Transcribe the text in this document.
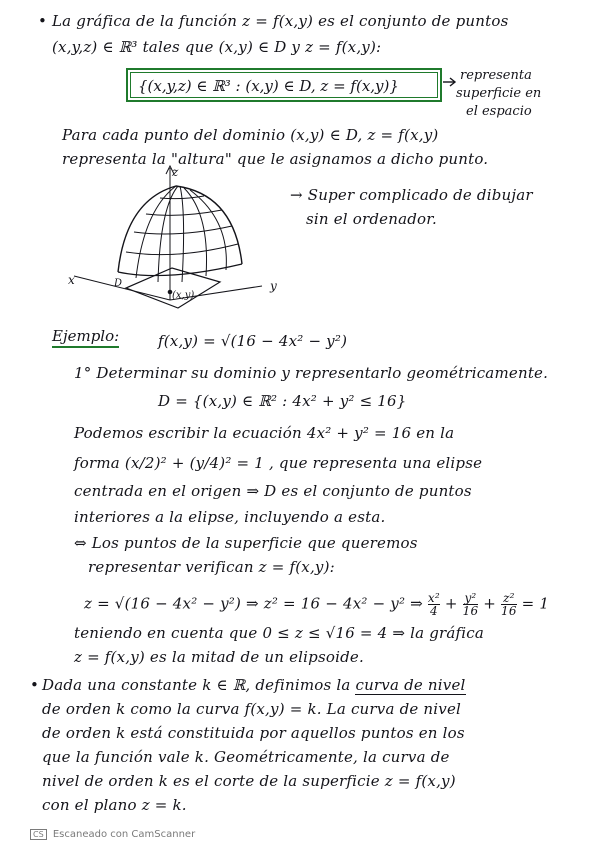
• La gráfica de la función z = f(x,y) es el conjunto de puntos
(x,y,z) ∈ ℝ³ tales que (x,y) ∈ D y z = f(x,y):
{(x,y,z) ∈ ℝ³ : (x,y) ∈ D, z = f(x,y)}
representa
superficie en
el espacio
Para cada punto del dominio (x,y) ∈ D, z = f(x,y)
representa la "altura" que le asignamos a dicho punto.
z
x	y
D
(x,y)
→ Super complicado de dibujar
sin el ordenador.
Ejemplo:	f(x,y) = √(16 − 4x² − y²)
1° Determinar su dominio y representarlo geométricamente.
D = {(x,y) ∈ ℝ² : 4x² + y² ≤ 16}
Podemos escribir la ecuación 4x² + y² = 16 en la
forma (x/2)² + (y/4)² = 1 , que representa una elipse
centrada en el origen ⇒ D es el conjunto de puntos
interiores a la elipse, incluyendo a esta.
⇔ Los puntos de la superficie que queremos
representar verifican z = f(x,y):
z = √(16 − 4x² − y²) ⇒ z² = 16 − 4x² − y² ⇒ $\frac{\text{x²}}{4} + \frac{\text{y²}}{16} + \frac{\text{z²}}{16} = 1$
teniendo en cuenta que 0 ≤ z ≤ √16 = 4 ⇒ la gráfica
z = f(x,y) es la mitad de un elipsoide.
• Dada una constante k ∈ ℝ, definimos la curva de nivel
de orden k como la curva f(x,y) = k. La curva de nivel
de orden k está constituida por aquellos puntos en los
que la función vale k. Geométricamente, la curva de
nivel de orden k es el corte de la superficie z = f(x,y)
con el plano z = k.
CS Escaneado con CamScanner
